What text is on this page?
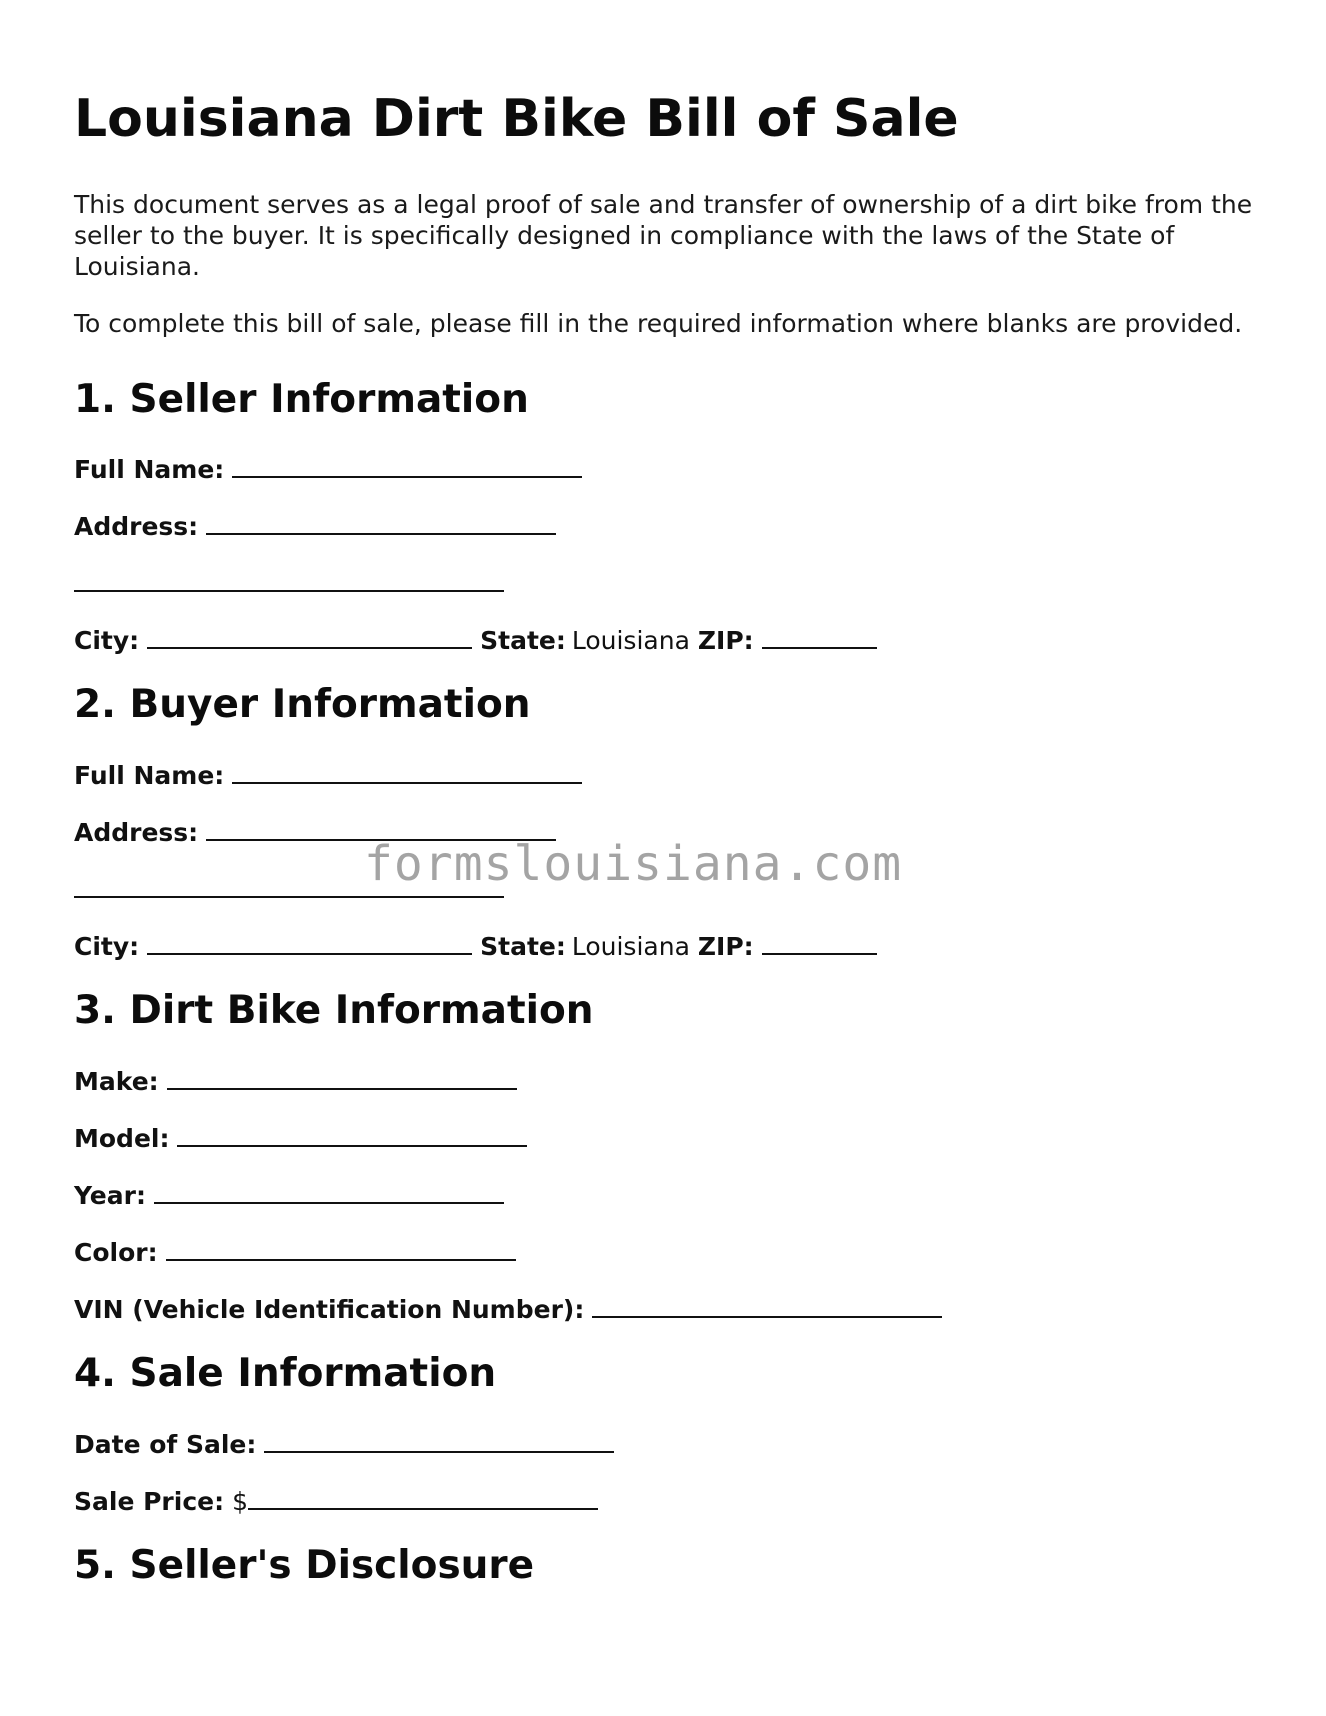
Louisiana Dirt Bike Bill of Sale

This document serves as a legal proof of sale and transfer of ownership of a dirt bike from the seller to the buyer. It is specifically designed in compliance with the laws of the State of Louisiana.

To complete this bill of sale, please fill in the required information where blanks are provided.

1. Seller Information
Full Name:
Address:
City:	State: Louisiana ZIP:
2. Buyer Information
Full Name:
Address:
City:	State: Louisiana ZIP:
3. Dirt Bike Information
Make:
Model:
Year:
Color:
VIN (Vehicle Identification Number):
4. Sale Information
Date of Sale:
Sale Price: $
5. Seller's Disclosure
formslouisiana.com
